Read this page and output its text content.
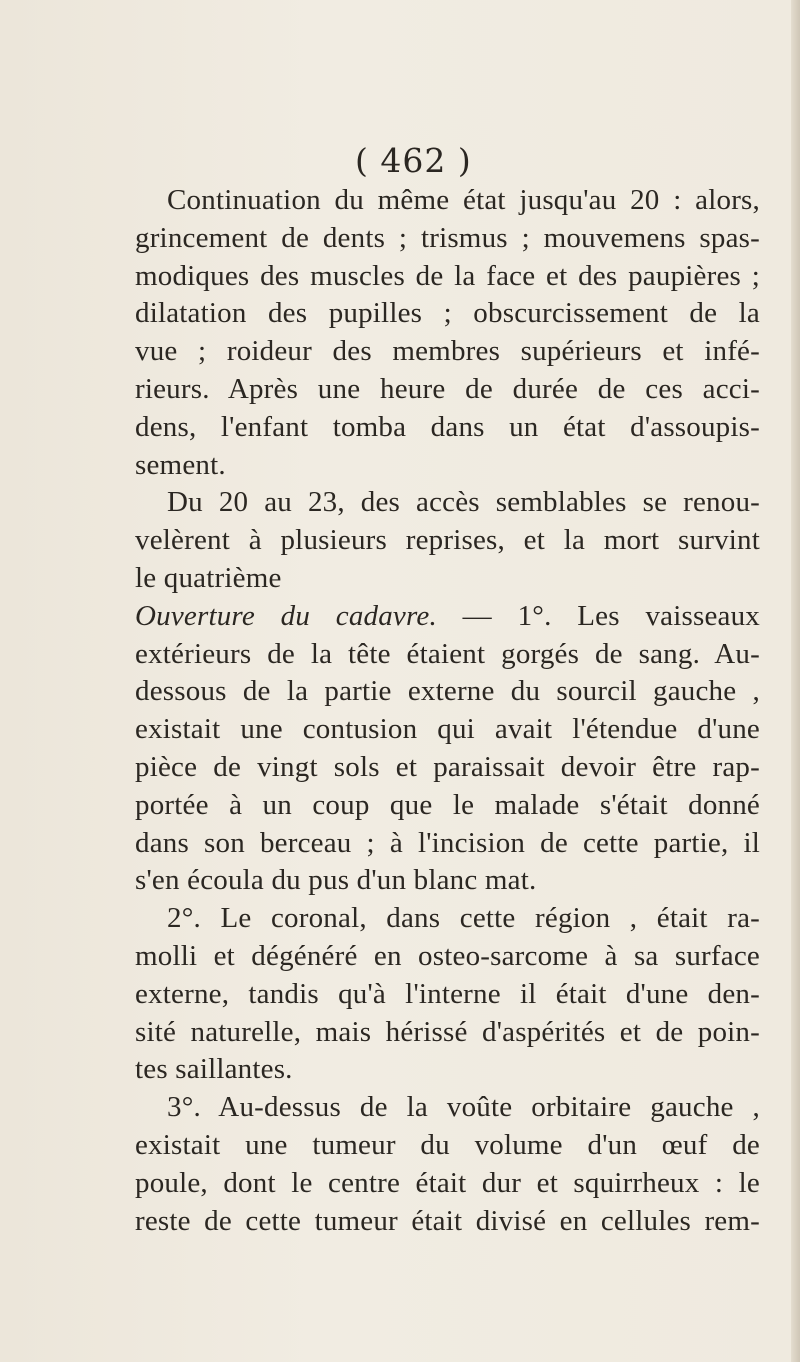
( 462 )
Continuation du même état jusqu'au 20 : alors,
grincement de dents ; trismus ; mouvemens spas-
modiques des muscles de la face et des paupières ;
dilatation des pupilles ; obscurcissement de la
vue ; roideur des membres supérieurs et infé-
rieurs. Après une heure de durée de ces acci-
dens, l'enfant tomba dans un état d'assoupis-
sement.
Du 20 au 23, des accès semblables se renou-
velèrent à plusieurs reprises, et la mort survint
le quatrième
Ouverture du cadavre. — 1°. Les vaisseaux
extérieurs de la tête étaient gorgés de sang. Au-
dessous de la partie externe du sourcil gauche ,
existait une contusion qui avait l'étendue d'une
pièce de vingt sols et paraissait devoir être rap-
portée à un coup que le malade s'était donné
dans son berceau ; à l'incision de cette partie, il
s'en écoula du pus d'un blanc mat.
2°. Le coronal, dans cette région , était ra-
molli et dégénéré en osteo-sarcome à sa surface
externe, tandis qu'à l'interne il était d'une den-
sité naturelle, mais hérissé d'aspérités et de poin-
tes saillantes.
3°. Au-dessus de la voûte orbitaire gauche ,
existait une tumeur du volume d'un œuf de
poule, dont le centre était dur et squirrheux : le
reste de cette tumeur était divisé en cellules rem-
